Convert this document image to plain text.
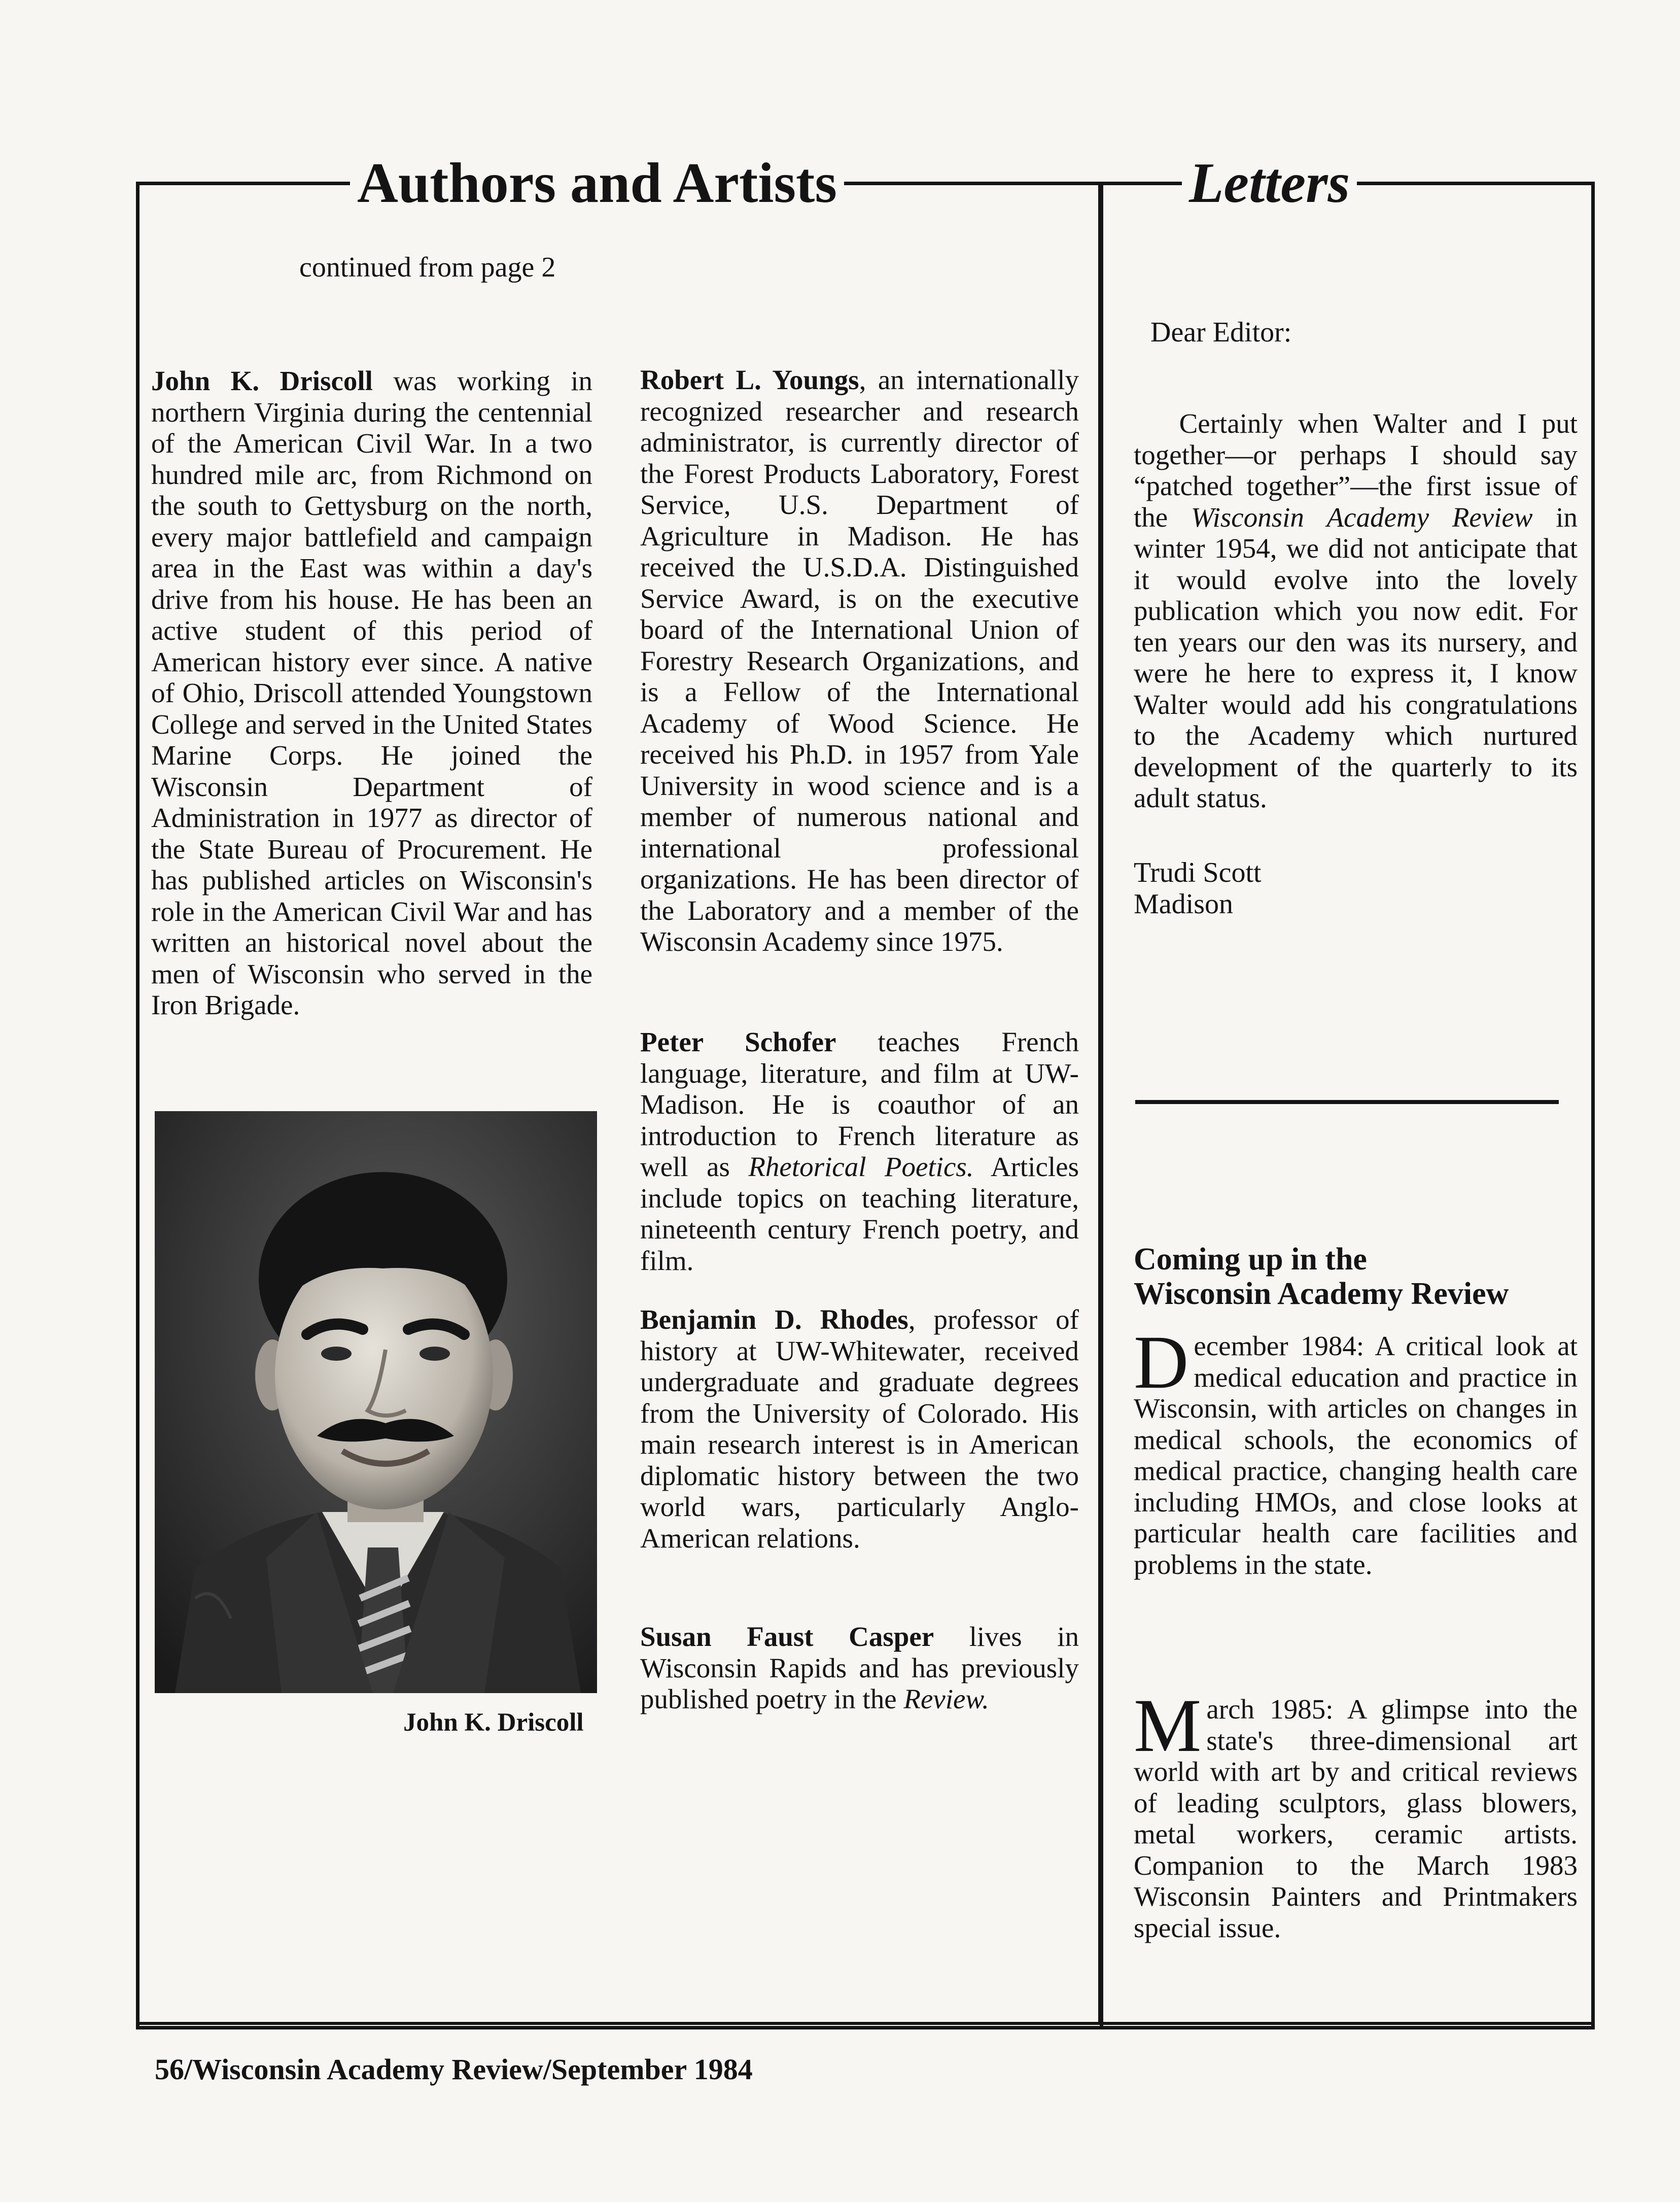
Authors and Artists	Letters
continued from page 2

John K. Driscoll was working in northern Virginia during the centennial of the American Civil War. In a two hundred mile arc, from Richmond on the south to Gettysburg on the north, every major battlefield and campaign area in the East was within a day's drive from his house. He has been an active student of this period of American history ever since. A native of Ohio, Driscoll attended Youngstown College and served in the United States Marine Corps. He joined the Wisconsin Department of Administration in 1977 as director of the State Bureau of Procurement. He has published articles on Wisconsin's role in the American Civil War and has written an historical novel about the men of Wisconsin who served in the Iron Brigade.

John K. Driscoll

Robert L. Youngs, an internationally recognized researcher and research administrator, is currently director of the Forest Products Laboratory, Forest Service, U.S. Department of Agriculture in Madison. He has received the U.S.D.A. Distinguished Service Award, is on the executive board of the International Union of Forestry Research Organizations, and is a Fellow of the International Academy of Wood Science. He received his Ph.D. in 1957 from Yale University in wood science and is a member of numerous national and international professional organizations. He has been director of the Laboratory and a member of the Wisconsin Academy since 1975.

Peter Schofer teaches French language, literature, and film at UW-Madison. He is coauthor of an introduction to French literature as well as Rhetorical Poetics. Articles include topics on teaching literature, nineteenth century French poetry, and film.

Benjamin D. Rhodes, professor of history at UW-Whitewater, received undergraduate and graduate degrees from the University of Colorado. His main research interest is in American diplomatic history between the two world wars, particularly Anglo-American relations.

Susan Faust Casper lives in Wisconsin Rapids and has previously published poetry in the Review.

Dear Editor:

Certainly when Walter and I put together—or perhaps I should say “patched together”—the first issue of the Wisconsin Academy Review in winter 1954, we did not anticipate that it would evolve into the lovely publication which you now edit. For ten years our den was its nursery, and were he here to express it, I know Walter would add his congratulations to the Academy which nurtured development of the quarterly to its adult status.

Trudi Scott
Madison
Coming up in the
Wisconsin Academy Review

December 1984: A critical look at medical education and practice in Wisconsin, with articles on changes in medical schools, the economics of medical practice, changing health care including HMOs, and close looks at particular health care facilities and problems in the state.

March 1985: A glimpse into the state's three-dimensional art world with art by and critical reviews of leading sculptors, glass blowers, metal workers, ceramic artists. Companion to the March 1983 Wisconsin Painters and Printmakers special issue.

56/Wisconsin Academy Review/September 1984
